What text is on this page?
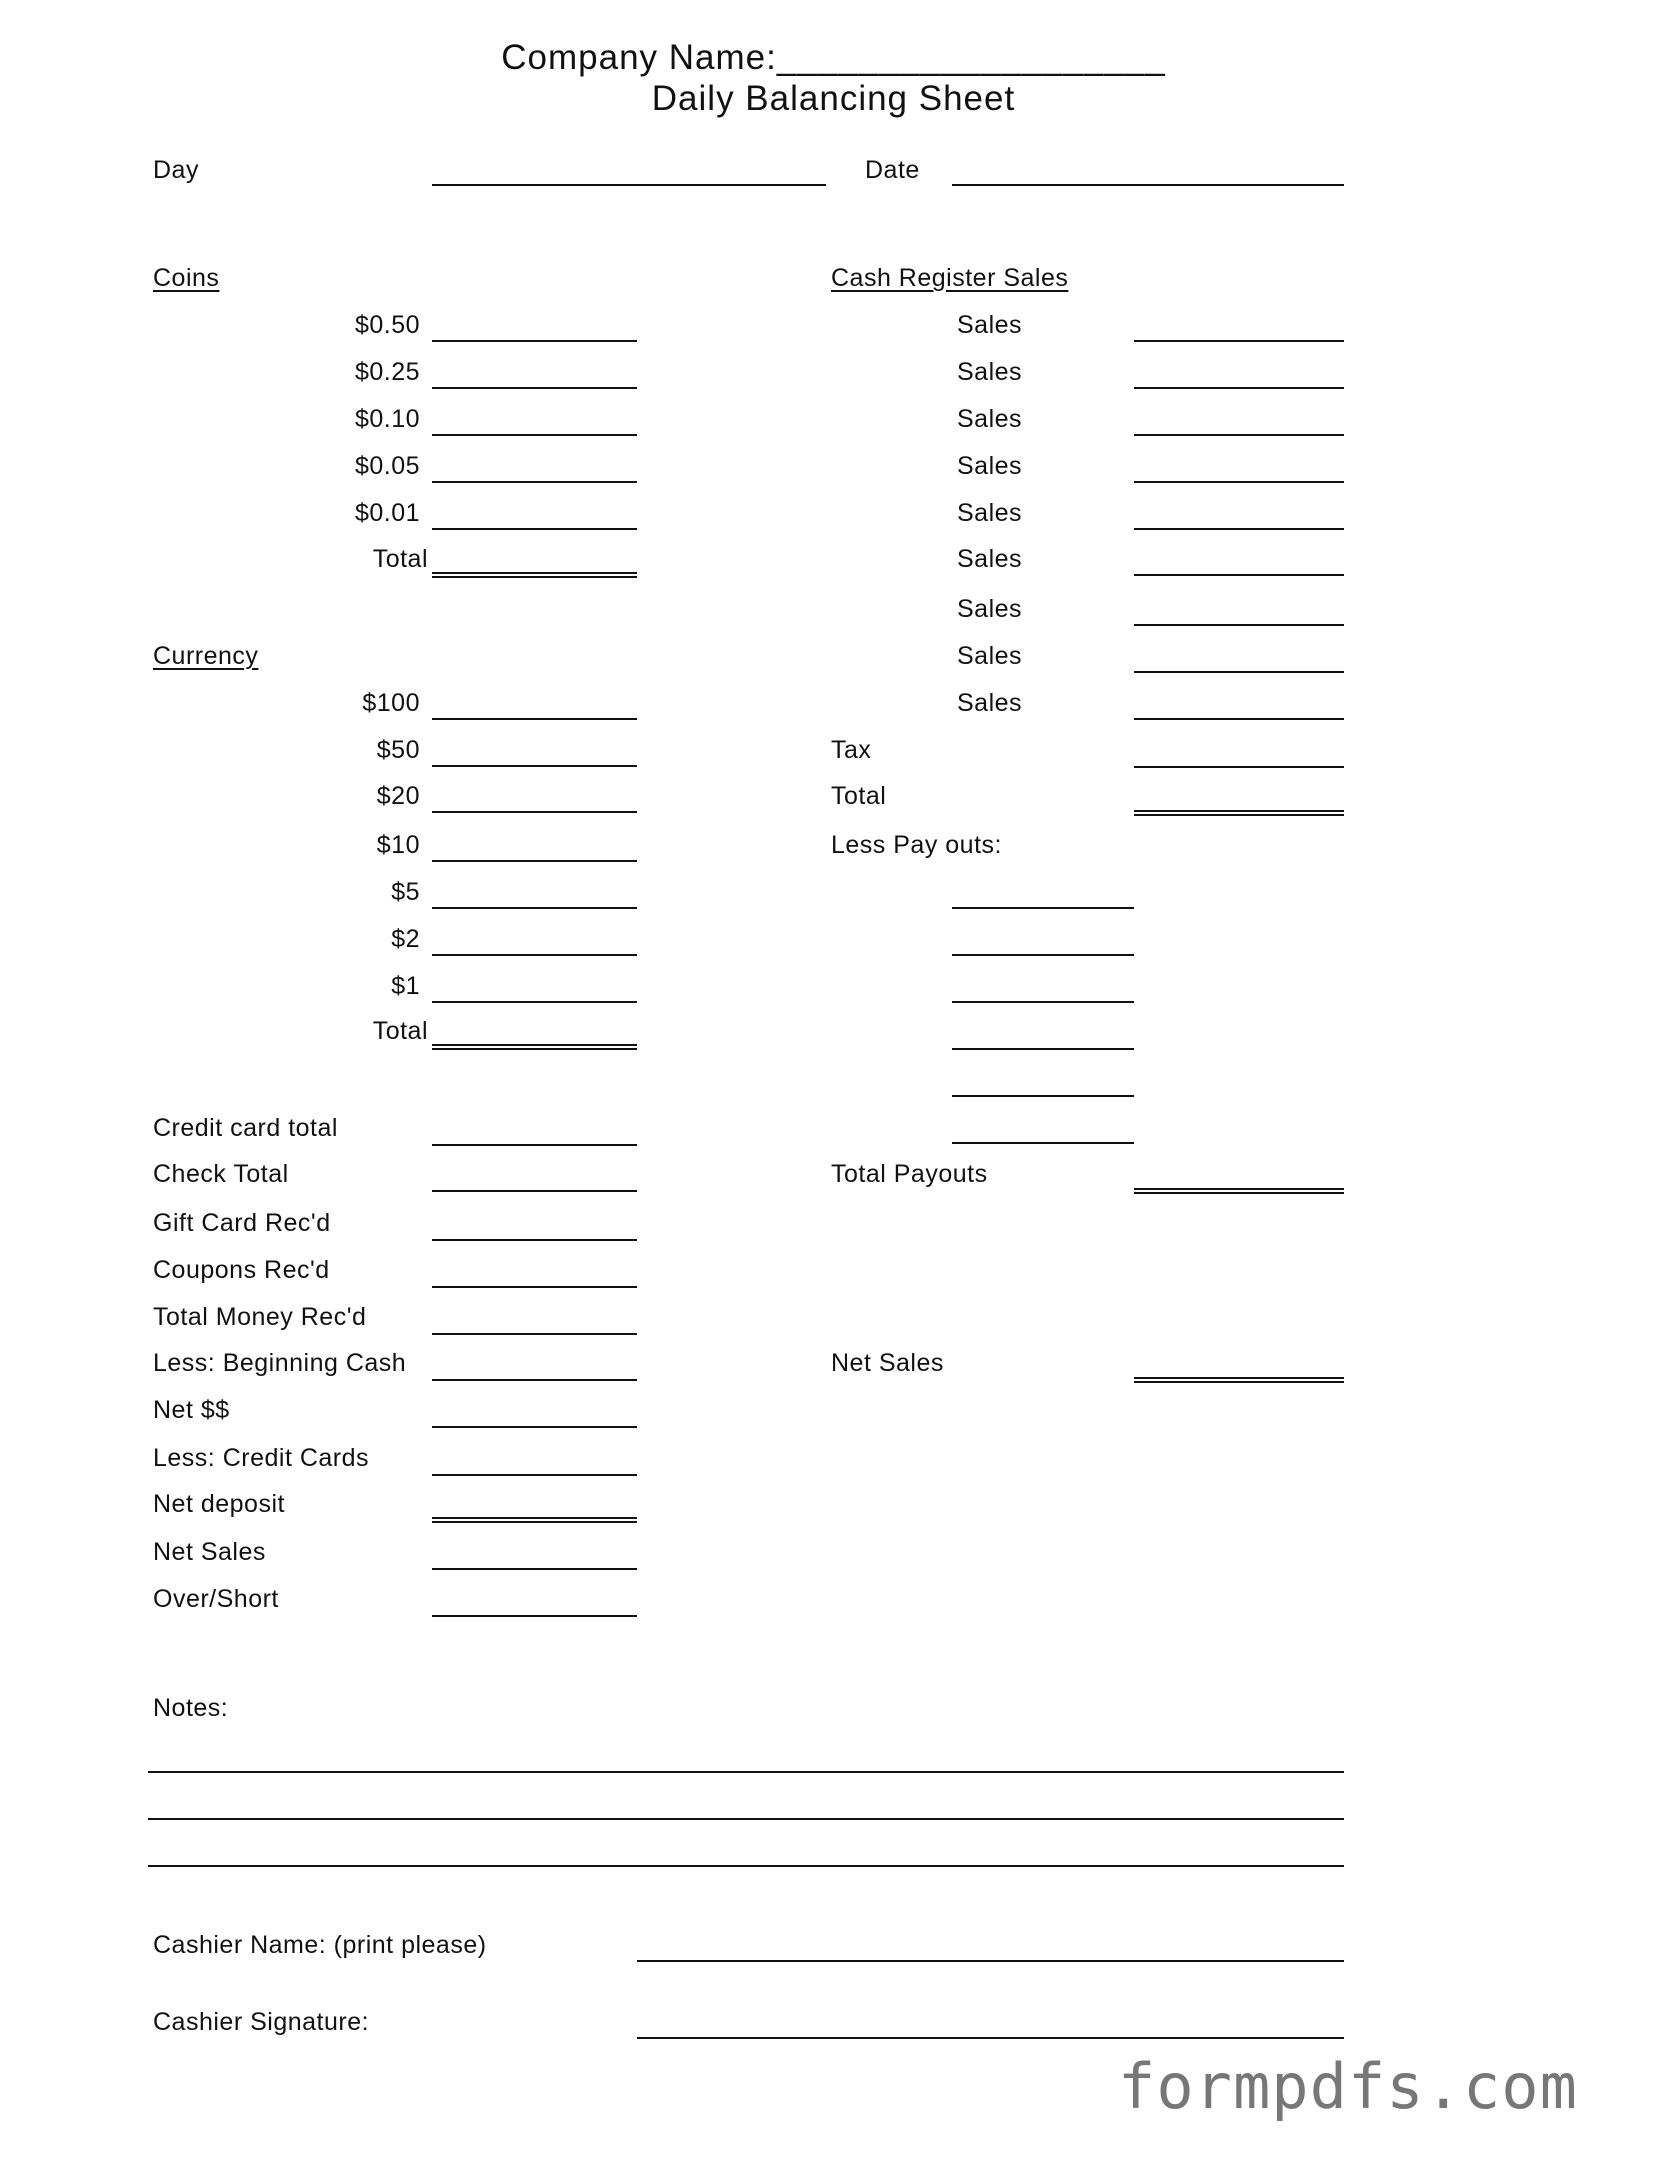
Company Name:___________________
Daily Balancing Sheet
Day	Date
Coins
$0.50
$0.25
$0.10
$0.05
$0.01
Total
Currency
$100
$50
$20
$10
$5
$2
$1
Total
Cash Register Sales
Sales
Sales
Sales
Sales
Sales
Sales
Sales
Sales
Sales
Tax
Total
Less Pay outs:
Total Payouts
Net Sales
Credit card total
Check Total
Gift Card Rec'd
Coupons Rec'd
Total Money Rec'd
Less: Beginning Cash
Net $$
Less: Credit Cards
Net deposit
Net Sales
Over/Short
Notes:
Cashier Name: (print please)
Cashier Signature:
formpdfs.com
